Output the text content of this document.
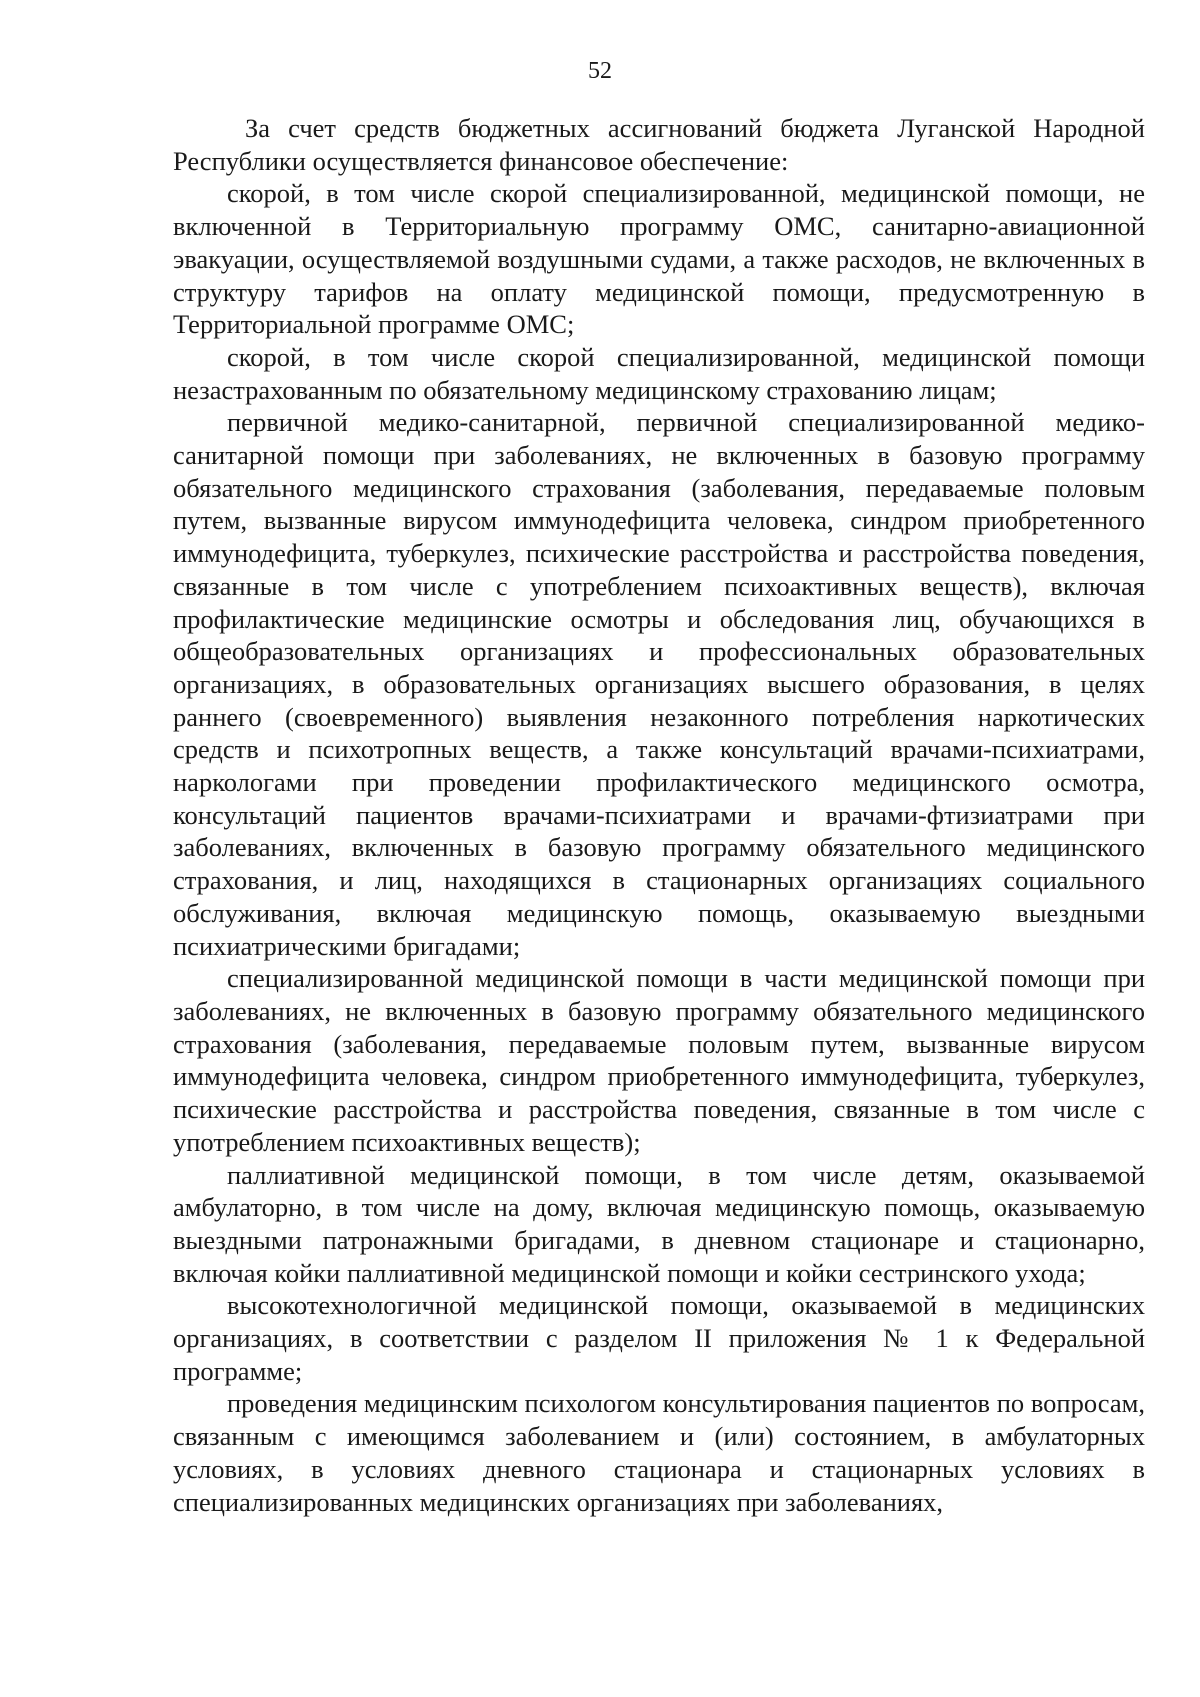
52

За счет средств бюджетных ассигнований бюджета Луганской Народной Республики осуществляется финансовое обеспечение:

скорой, в том числе скорой специализированной, медицинской помощи, не включенной в Территориальную программу ОМС, санитарно-авиационной эвакуации, осуществляемой воздушными судами, а также расходов, не включенных в структуру тарифов на оплату медицинской помощи, предусмотренную в Территориальной программе ОМС;

скорой, в том числе скорой специализированной, медицинской помощи незастрахованным по обязательному медицинскому страхованию лицам;

первичной медико-санитарной, первичной специализированной медико-санитарной помощи при заболеваниях, не включенных в базовую программу обязательного медицинского страхования (заболевания, передаваемые половым путем, вызванные вирусом иммунодефицита человека, синдром приобретенного иммунодефицита, туберкулез, психические расстройства и расстройства поведения, связанные в том числе с употреблением психоактивных веществ), включая профилактические медицинские осмотры и обследования лиц, обучающихся в общеобразовательных организациях и профессиональных образовательных организациях, в образовательных организациях высшего образования, в целях раннего (своевременного) выявления незаконного потребления наркотических средств и психотропных веществ, а также консультаций врачами-психиатрами, наркологами при проведении профилактического медицинского осмотра, консультаций пациентов врачами-психиатрами и врачами-фтизиатрами при заболеваниях, включенных в базовую программу обязательного медицинского страхования, и лиц, находящихся в стационарных организациях социального обслуживания, включая медицинскую помощь, оказываемую выездными психиатрическими бригадами;

специализированной медицинской помощи в части медицинской помощи при заболеваниях, не включенных в базовую программу обязательного медицинского страхования (заболевания, передаваемые половым путем, вызванные вирусом иммунодефицита человека, синдром приобретенного иммунодефицита, туберкулез, психические расстройства и расстройства поведения, связанные в том числе с употреблением психоактивных веществ);

паллиативной медицинской помощи, в том числе детям, оказываемой амбулаторно, в том числе на дому, включая медицинскую помощь, оказываемую выездными патронажными бригадами, в дневном стационаре и стационарно, включая койки паллиативной медицинской помощи и койки сестринского ухода;

высокотехнологичной медицинской помощи, оказываемой в медицинских организациях, в соответствии с разделом II приложения № 1 к Федеральной программе;

проведения медицинским психологом консультирования пациентов по вопросам, связанным с имеющимся заболеванием и (или) состоянием, в амбулаторных условиях, в условиях дневного стационара и стационарных условиях в специализированных медицинских организациях при заболеваниях,
